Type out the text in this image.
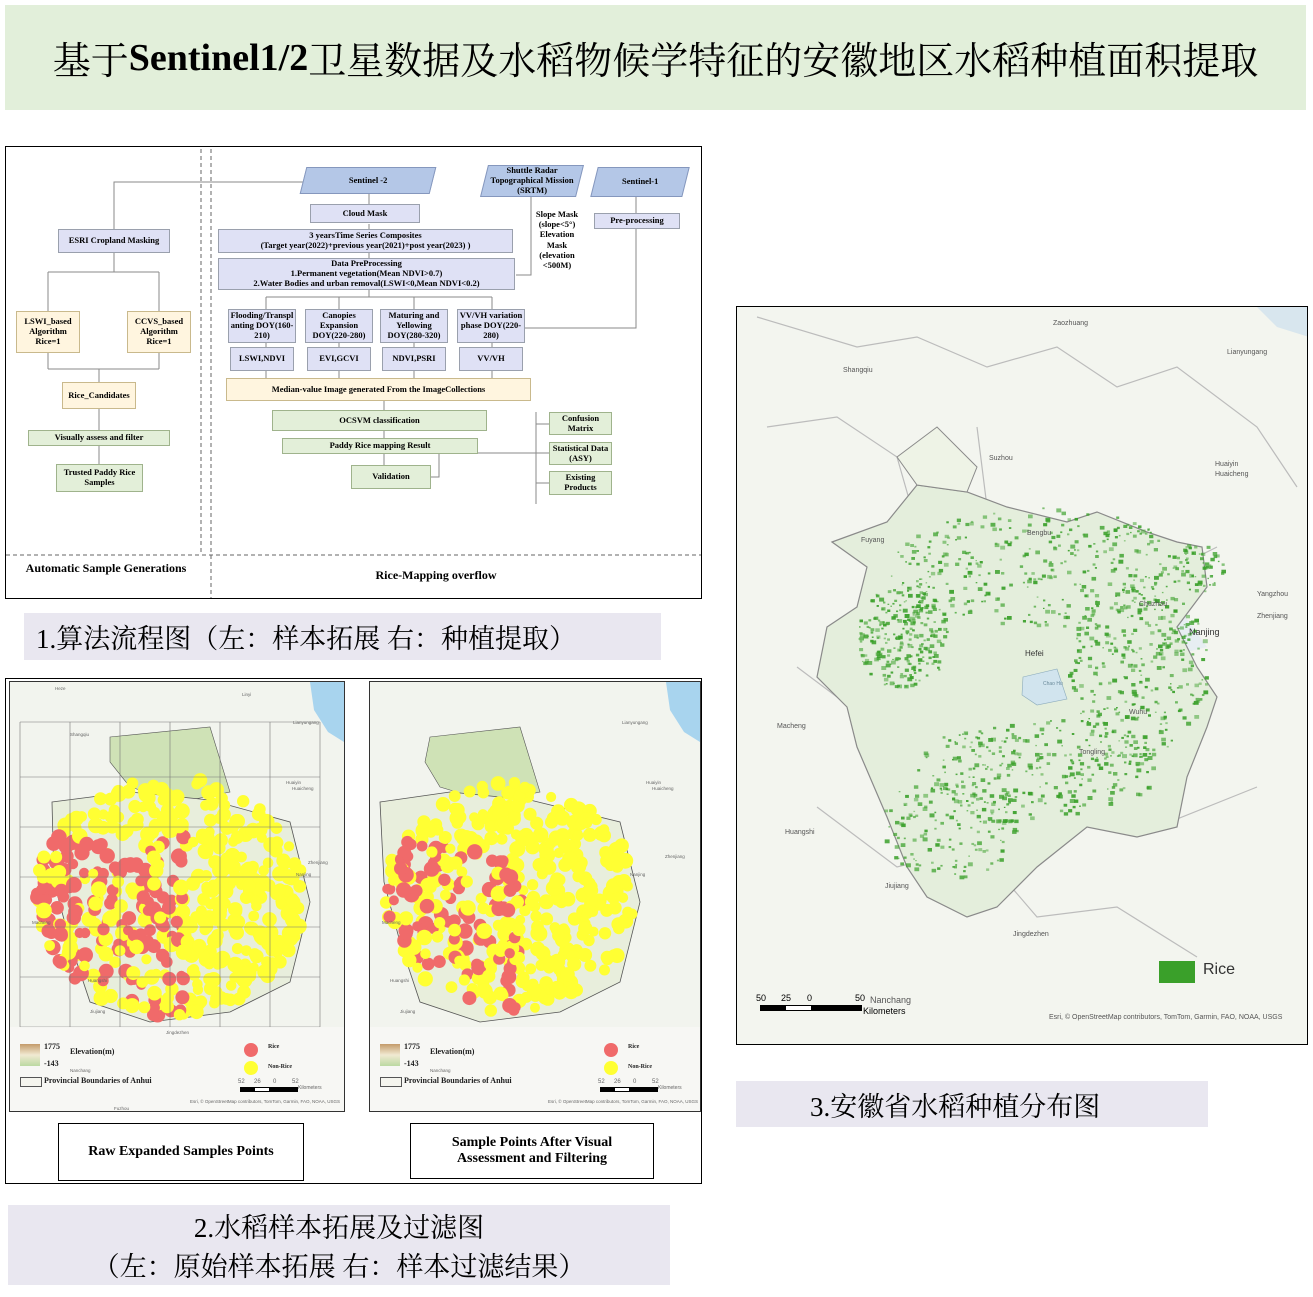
基于 Sentinel1/2 卫星数据及水稻物候学特征的安徽地区水稻种植面积提取
Sentinel -2
Shuttle Radar Topographical Mission (SRTM)
Sentinel-1
Cloud Mask
3 yearsTime Series Composites
(Target year(2022)+previous year(2021)+post year(2023) )
Data PreProcessing
1.Permanent vegetation(Mean NDVI>0.7)
2.Water Bodies and urban removal(LSWI<0,Mean NDVI<0.2)
Slope Mask (slope<5°) Elevation Mask (elevation <500M)
Pre-processing
ESRI Cropland Masking
LSWI_based Algorithm Rice=1
CCVS_based Algorithm Rice=1
Rice_Candidates
Visually assess and filter
Trusted Paddy Rice Samples
Flooding/Transpl anting DOY(160-210)
Canopies Expansion DOY(220-280)
Maturing and Yellowing DOY(280-320)
VV/VH variation phase DOY(220-280)
LSWI,NDVI	EVI,GCVI	NDVI,PSRI	VV/VH
Median-value Image generated From the ImageCollections
OCSVM classification
Paddy Rice mapping Result
Validation
Confusion Matrix
Statistical Data (ASY)
Existing Products
Automatic Sample Generations	Rice-Mapping overflow
1.算法流程图（左：样本拓展 右：种植提取）
1775
-143
Elevation(m)
Provincial Boundaries of Anhui
Rice
Non-Rice
52 26 0	52
Kilometers
Esri, © OpenStreetMap contributors, TomTom, Garmin, FAO, NOAA, USGS
Heze
Linyi
Shangqiu
Lianyungang
Huaiyin
Huaicheng
Zhenjiang
Nanjing
Macheng
Huangshi
Jiujiang
Jingdezhen
Nanchang
Fuzhou
1775
-143
Elevation(m)
Provincial Boundaries of Anhui
Rice
Non-Rice
52 26 0	52
Kilometers
Esri, © OpenStreetMap contributors, TomTom, Garmin, FAO, NOAA, USGS
Lianyungang
Huaiyin
Huaicheng
Zhenjiang
Nanjing
Macheng
Huangshi
Jiujiang
Nanchang
Raw Expanded Samples Points
Sample Points After Visual Assessment and Filtering
2.水稻样本拓展及过滤图
（左：原始样本拓展 右：样本过滤结果）
Zaozhuang
Lianyungang
Shangqiu
Suzhou
Huaiyin
Huaicheng
Fuyang
Bengbu
Yangzhou
Chuzhou
Zhenjiang
Nanjing
Hefei
Chao Hu
Wuhu
Macheng
Tongling
Huangshi
Jiujiang
Jingdezhen
Nanchang
Rice
50 25 0	50
Kilometers
Esri, © OpenStreetMap contributors, TomTom, Garmin, FAO, NOAA, USGS
3.安徽省水稻种植分布图
